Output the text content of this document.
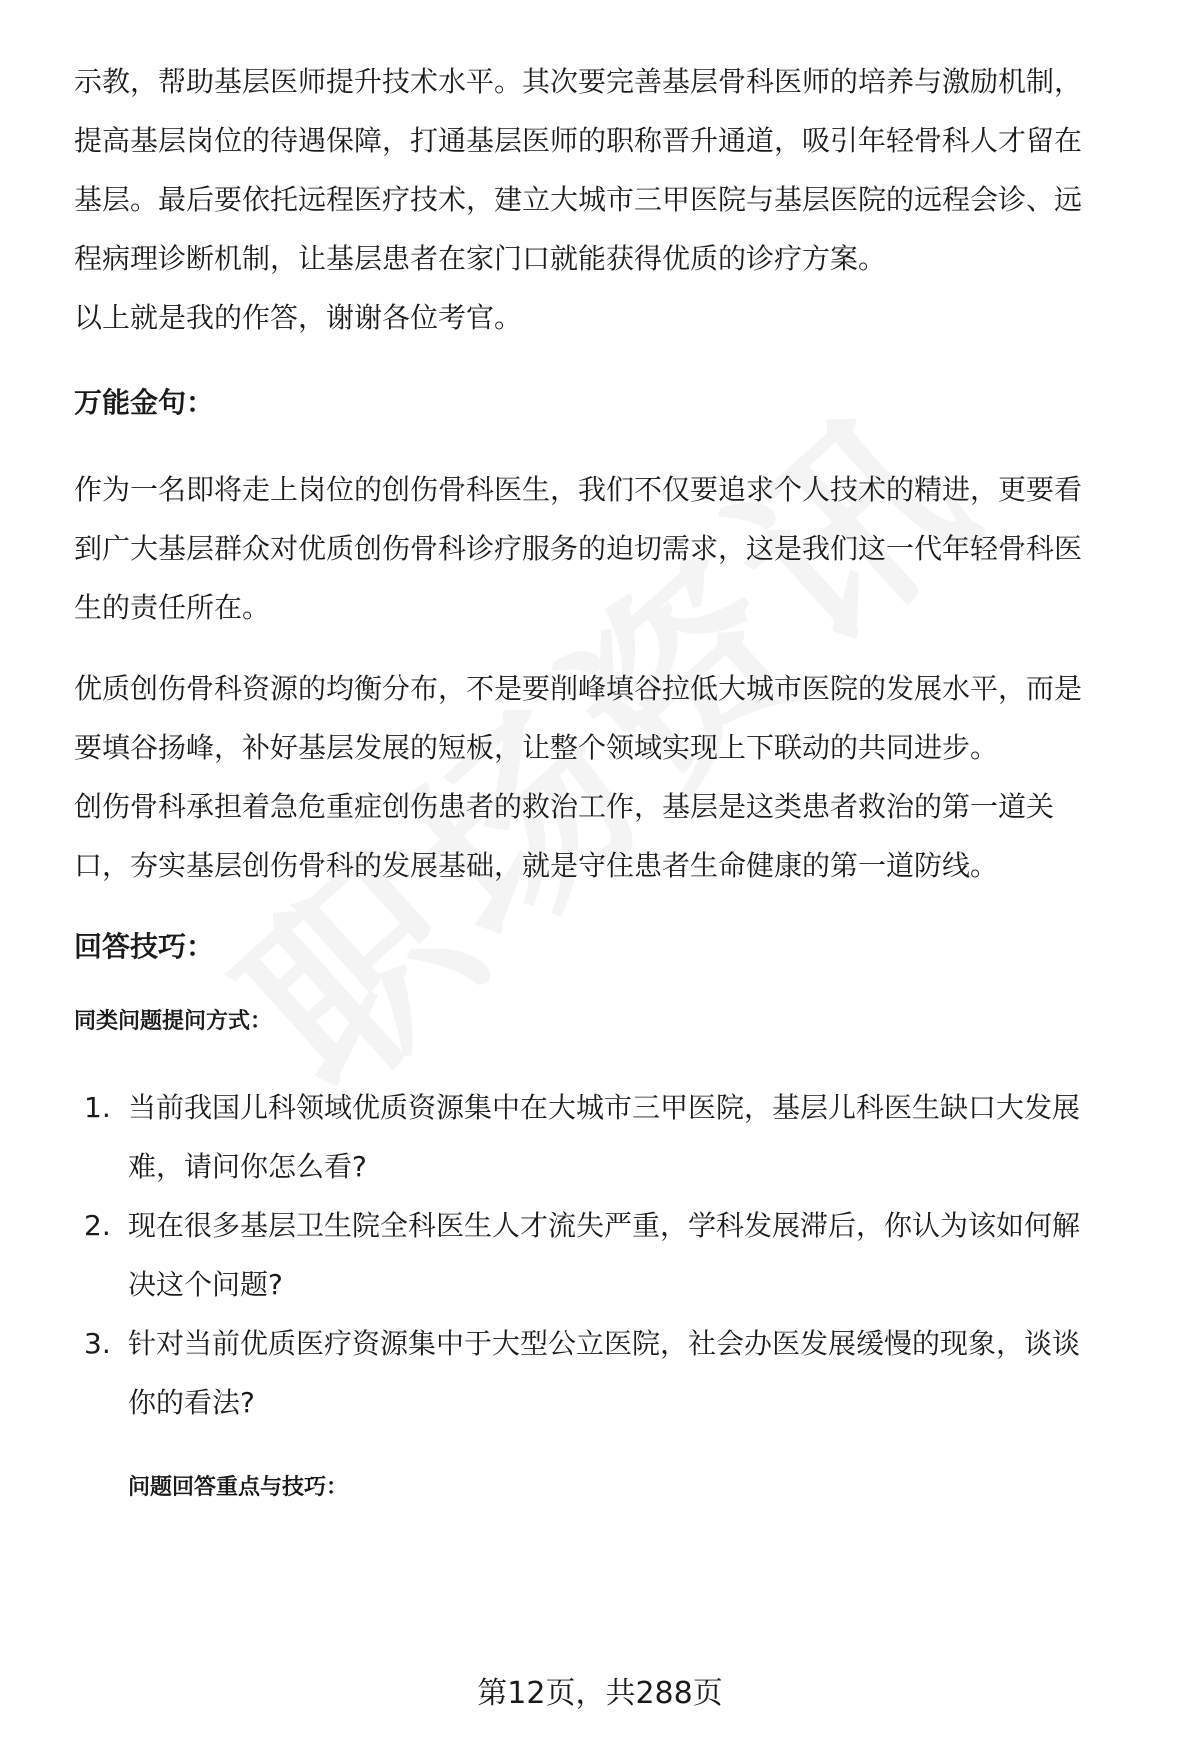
示教，帮助基层医师提升技术水平。其次要完善基层骨科医师的培养与激励机制，
提高基层岗位的待遇保障，打通基层医师的职称晋升通道，吸引年轻骨科人才留在
基层。最后要依托远程医疗技术，建立大城市三甲医院与基层医院的远程会诊、远
程病理诊断机制，让基层患者在家门口就能获得优质的诊疗方案。

以上就是我的作答，谢谢各位考官。

万能金句：

作为一名即将走上岗位的创伤骨科医生，我们不仅要追求个人技术的精进，更要看
到广大基层群众对优质创伤骨科诊疗服务的迫切需求，这是我们这一代年轻骨科医
生的责任所在。

优质创伤骨科资源的均衡分布，不是要削峰填谷拉低大城市医院的发展水平，而是
要填谷扬峰，补好基层发展的短板，让整个领域实现上下联动的共同进步。

创伤骨科承担着急危重症创伤患者的救治工作，基层是这类患者救治的第一道关
口，夯实基层创伤骨科的发展基础，就是守住患者生命健康的第一道防线。

回答技巧：

同类问题提问方式：

1. 当前我国儿科领域优质资源集中在大城市三甲医院，基层儿科医生缺口大发展
难，请问你怎么看?
2. 现在很多基层卫生院全科医生人才流失严重，学科发展滞后，你认为该如何解
决这个问题?
3. 针对当前优质医疗资源集中于大型公立医院，社会办医发展缓慢的现象，谈谈
你的看法?

问题回答重点与技巧：

第12页，共288页
